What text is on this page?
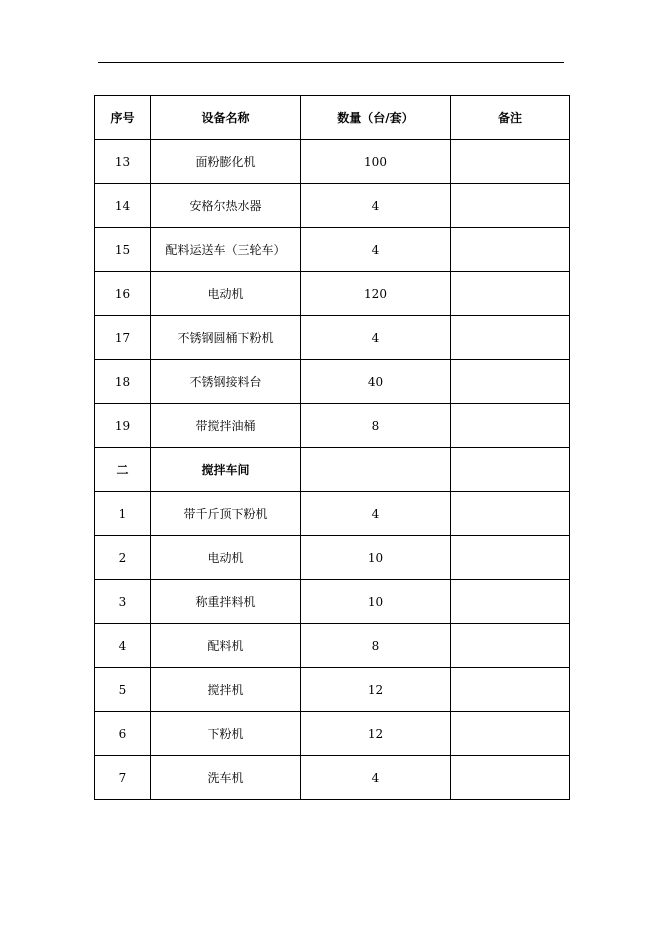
序号	设备名称	数量（台/套）	备注
13	面粉膨化机	100	
14	安格尔热水器	4	
15	配料运送车（三轮车）	4	
16	电动机	120	
17	不锈钢圆桶下粉机	4	
18	不锈钢接料台	40	
19	带搅拌油桶	8	
二	搅拌车间		
1	带千斤顶下粉机	4	
2	电动机	10	
3	称重拌料机	10	
4	配料机	8	
5	搅拌机	12	
6	下粉机	12	
7	洗车机	4	
